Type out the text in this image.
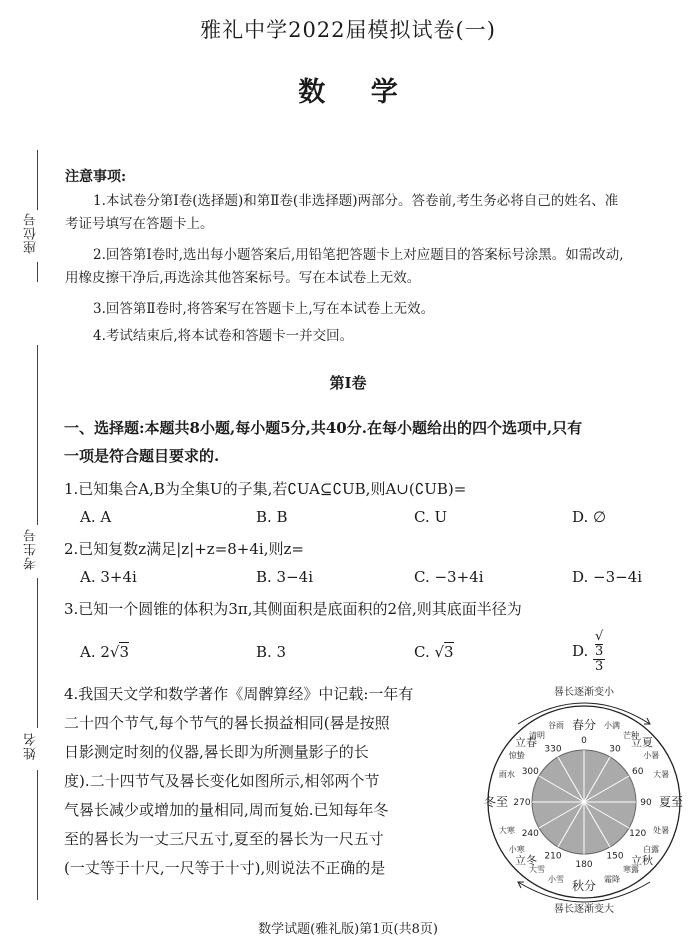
雅礼中学2022届模拟试卷(一)
数 学
座位号
考生号
姓名
注意事项:
1.本试卷分第Ⅰ卷(选择题)和第Ⅱ卷(非选择题)两部分。答卷前,考生务必将自己的姓名、准
考证号填写在答题卡上。
2.回答第Ⅰ卷时,选出每小题答案后,用铅笔把答题卡上对应题目的答案标号涂黑。如需改动,
用橡皮擦干净后,再选涂其他答案标号。写在本试卷上无效。
3.回答第Ⅱ卷时,将答案写在答题卡上,写在本试卷上无效。
4.考试结束后,将本试卷和答题卡一并交回。
第Ⅰ卷
一、选择题:本题共8小题,每小题5分,共40分.在每小题给出的四个选项中,只有
一项是符合题目要求的.
1.已知集合A,B为全集U的子集,若∁UA⊆∁UB,则A∪(∁UB)=
A. A	B. B	C. U	D. ∅
2.已知复数z满足|z|+z=8+4i,则z=
A. 3+4i	B. 3−4i	C. −3+4i	D. −3−4i
3.已知一个圆锥的体积为3π,其侧面积是底面积的2倍,则其底面半径为
A. 2√3	B. 3	C. √3	D. √
3
3
4.我国天文学和数学著作《周髀算经》中记载:一年有
二十四个节气,每个节气的晷长损益相同(晷是按照
日影测定时刻的仪器,晷长即为所测量影子的长
度).二十四节气及晷长变化如图所示,相邻两个节
气晷长减少或增加的量相同,周而复始.已知每年冬
至的晷长为一丈三尺五寸,夏至的晷长为一尺五寸
(一丈等于十尺,一尺等于十寸),则说法不正确的是
晷长逐渐变小
晷长逐渐变大
春分
夏至
秋分
冬至
立春	立夏
立秋
立冬
雨水
惊蛰
清明
谷雨	小满
芒种
小暑
大暑
处暑
白露
寒露
霜降
小雪
大雪
小寒
大寒
0
30
60
90
120
150
180
210
240
270
300
330
数学试题(雅礼版)第1页(共8页)
